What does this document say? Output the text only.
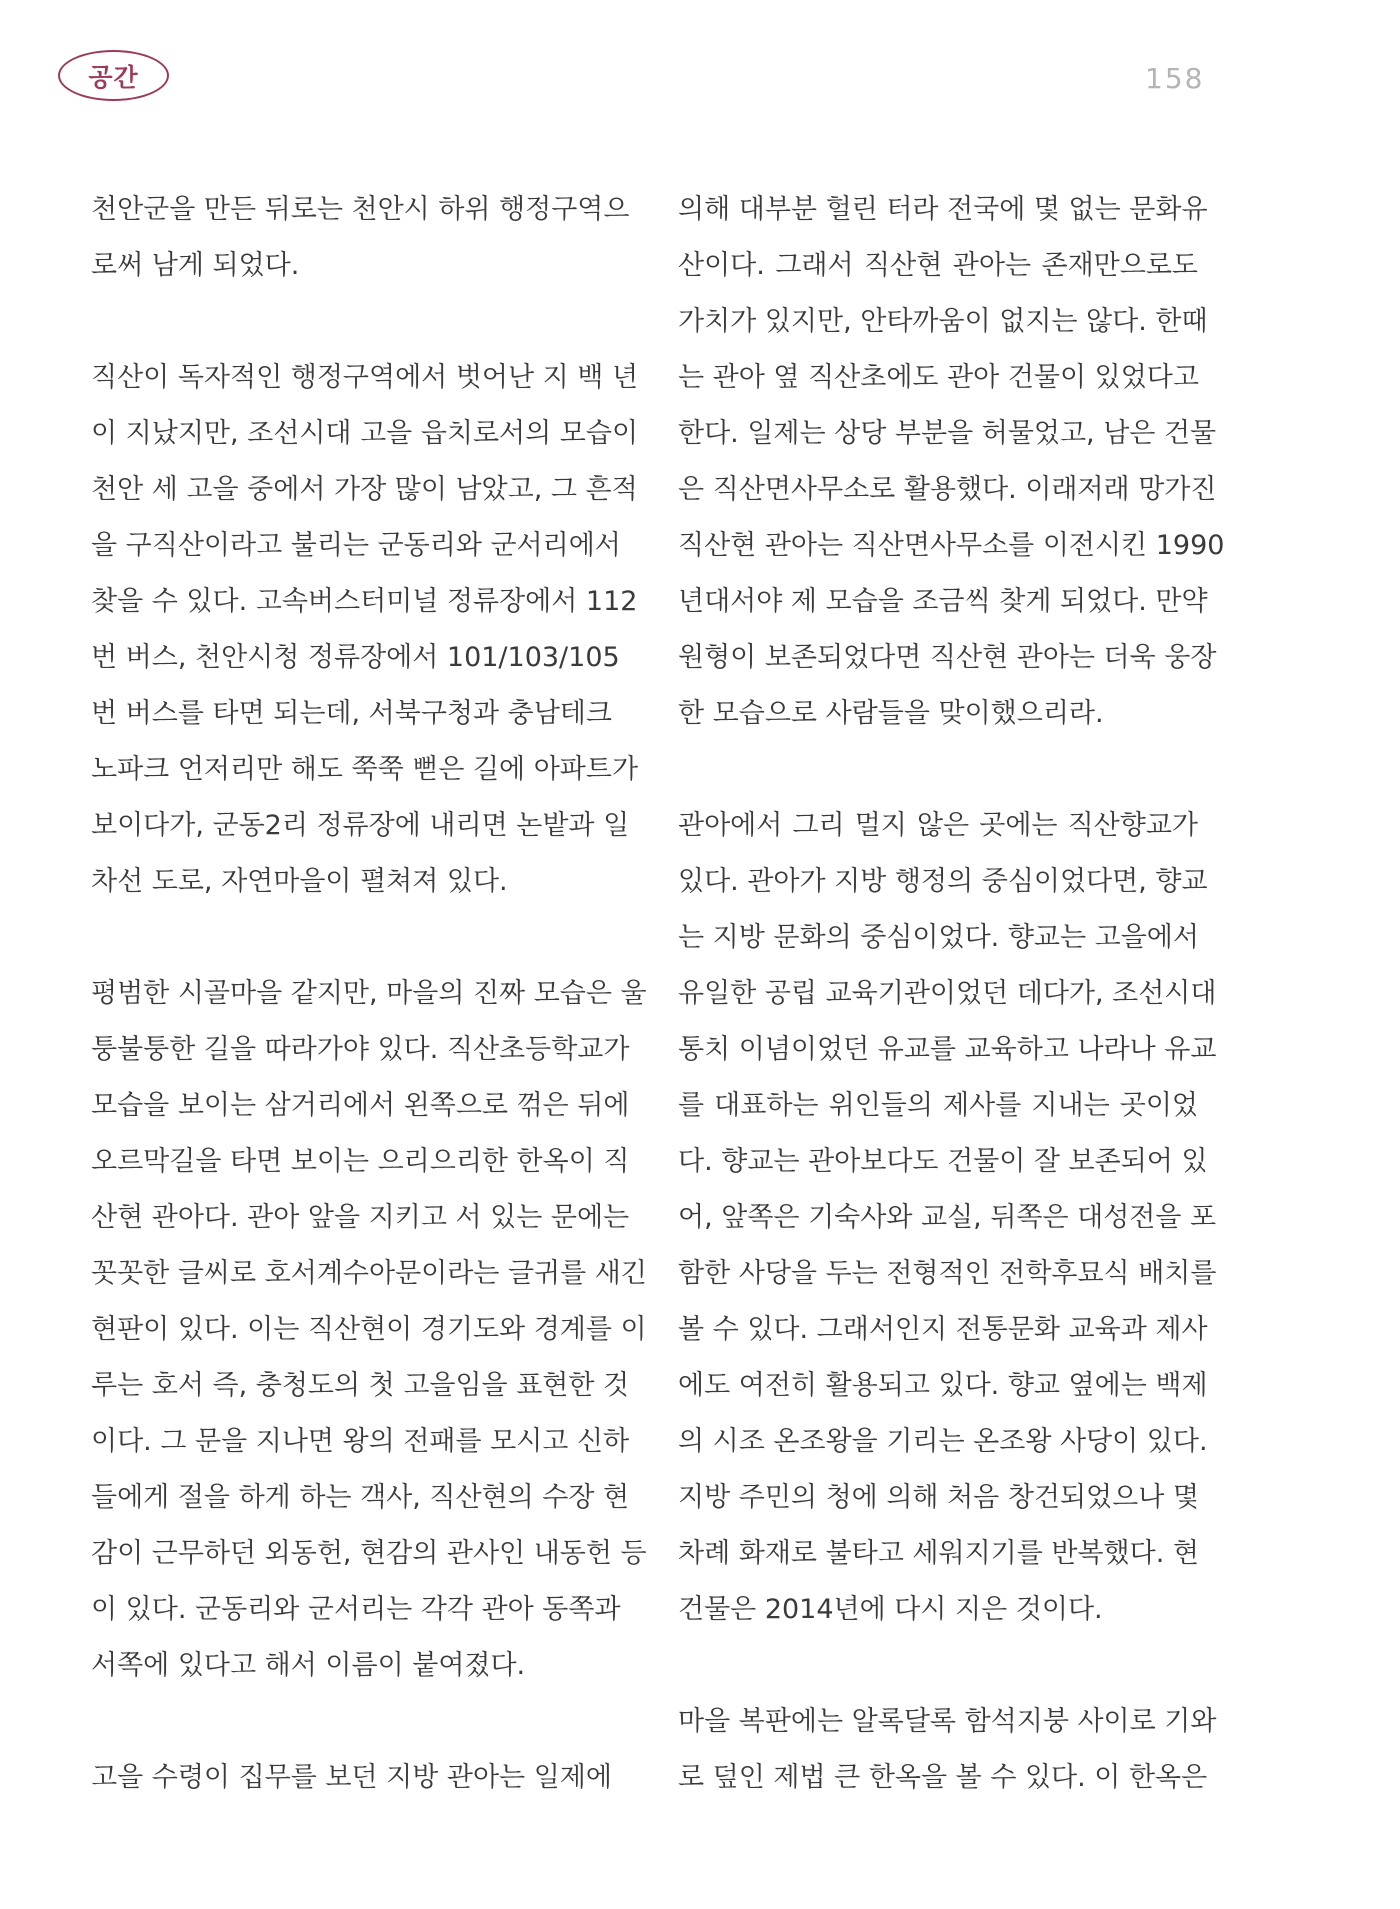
공간	158
천안군을 만든 뒤로는 천안시 하위 행정구역으
로써 남게 되었다.
직산이 독자적인 행정구역에서 벗어난 지 백 년
이 지났지만, 조선시대 고을 읍치로서의 모습이
천안 세 고을 중에서 가장 많이 남았고, 그 흔적
을 구직산이라고 불리는 군동리와 군서리에서
찾을 수 있다. 고속버스터미널 정류장에서 112
번 버스, 천안시청 정류장에서 101/103/105
번 버스를 타면 되는데, 서북구청과 충남테크
노파크 언저리만 해도 쭉쭉 뻗은 길에 아파트가
보이다가, 군동2리 정류장에 내리면 논밭과 일
차선 도로, 자연마을이 펼쳐져 있다.
평범한 시골마을 같지만, 마을의 진짜 모습은 울
퉁불퉁한 길을 따라가야 있다. 직산초등학교가
모습을 보이는 삼거리에서 왼쪽으로 꺾은 뒤에
오르막길을 타면 보이는 으리으리한 한옥이 직
산현 관아다. 관아 앞을 지키고 서 있는 문에는
꼿꼿한 글씨로 호서계수아문이라는 글귀를 새긴
현판이 있다. 이는 직산현이 경기도와 경계를 이
루는 호서 즉, 충청도의 첫 고을임을 표현한 것
이다. 그 문을 지나면 왕의 전패를 모시고 신하
들에게 절을 하게 하는 객사, 직산현의 수장 현
감이 근무하던 외동헌, 현감의 관사인 내동헌 등
이 있다. 군동리와 군서리는 각각 관아 동쪽과
서쪽에 있다고 해서 이름이 붙여졌다.
고을 수령이 집무를 보던 지방 관아는 일제에
의해 대부분 헐린 터라 전국에 몇 없는 문화유
산이다. 그래서 직산현 관아는 존재만으로도
가치가 있지만, 안타까움이 없지는 않다. 한때
는 관아 옆 직산초에도 관아 건물이 있었다고
한다. 일제는 상당 부분을 허물었고, 남은 건물
은 직산면사무소로 활용했다. 이래저래 망가진
직산현 관아는 직산면사무소를 이전시킨 1990
년대서야 제 모습을 조금씩 찾게 되었다. 만약
원형이 보존되었다면 직산현 관아는 더욱 웅장
한 모습으로 사람들을 맞이했으리라.
관아에서 그리 멀지 않은 곳에는 직산향교가
있다. 관아가 지방 행정의 중심이었다면, 향교
는 지방 문화의 중심이었다. 향교는 고을에서
유일한 공립 교육기관이었던 데다가, 조선시대
통치 이념이었던 유교를 교육하고 나라나 유교
를 대표하는 위인들의 제사를 지내는 곳이었
다. 향교는 관아보다도 건물이 잘 보존되어 있
어, 앞쪽은 기숙사와 교실, 뒤쪽은 대성전을 포
함한 사당을 두는 전형적인 전학후묘식 배치를
볼 수 있다. 그래서인지 전통문화 교육과 제사
에도 여전히 활용되고 있다. 향교 옆에는 백제
의 시조 온조왕을 기리는 온조왕 사당이 있다.
지방 주민의 청에 의해 처음 창건되었으나 몇
차례 화재로 불타고 세워지기를 반복했다. 현
건물은 2014년에 다시 지은 것이다.
마을 복판에는 알록달록 함석지붕 사이로 기와
로 덮인 제법 큰 한옥을 볼 수 있다. 이 한옥은
